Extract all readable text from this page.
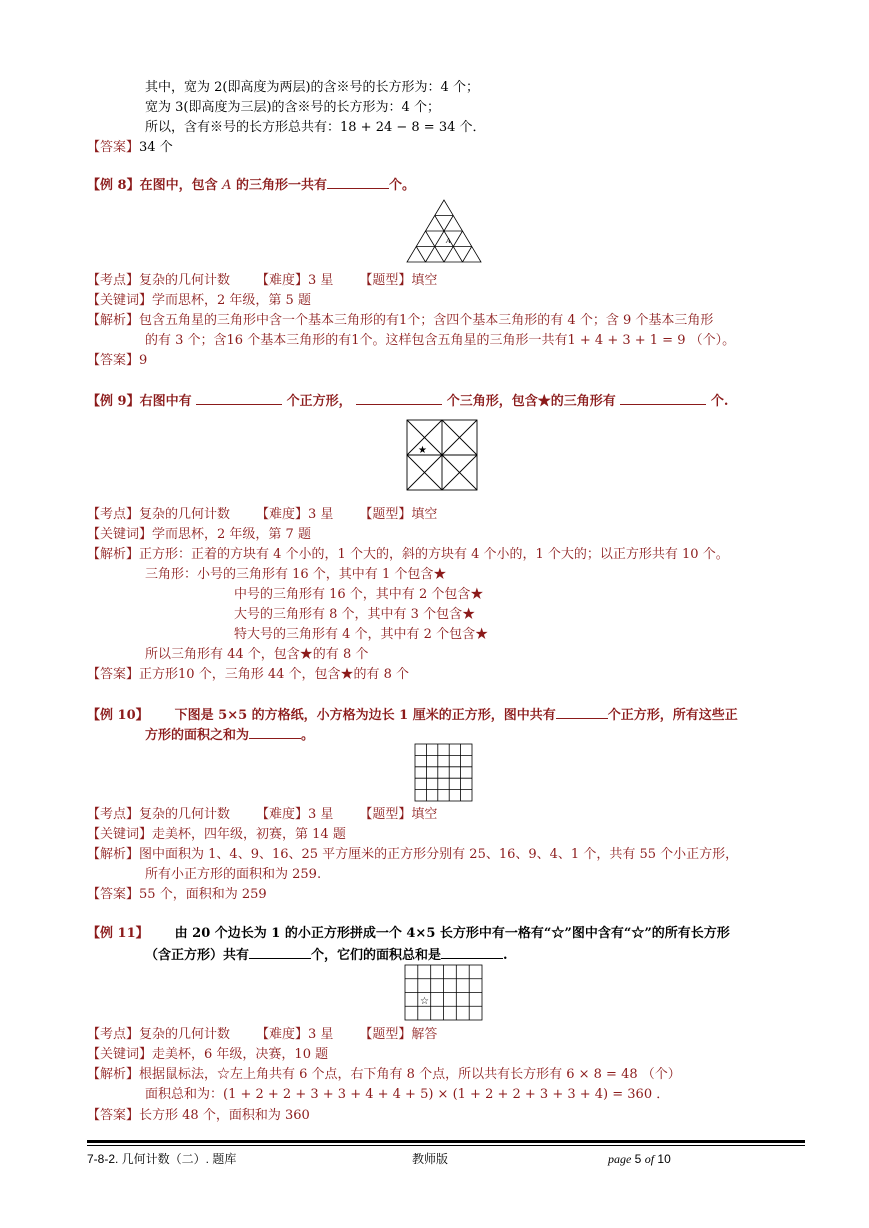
其中，宽为 2(即高度为两层)的含※号的长方形为：4 个；
宽为 3(即高度为三层)的含※号的长方形为：4 个；
所以，含有※号的长方形总共有：18 + 24 − 8 = 34 个．
【答案】34 个
【例 8】在图中，包含 A 的三角形一共有	个。
A
【考点】复杂的几何计数 【难度】3 星 【题型】填空
【关键词】学而思杯，2 年级，第 5 题
【解析】包含五角星的三角形中含一个基本三角形的有1个；含四个基本三角形的有 4 个；含 9 个基本三角形
的有 3 个；含16 个基本三角形的有1个。这样包含五角星的三角形一共有1 + 4 + 3 + 1 = 9 （个）。
【答案】9
【例 9】右图中有	个正方形，	个三角形，包含★的三角形有	个.
★
【考点】复杂的几何计数 【难度】3 星 【题型】填空
【关键词】学而思杯，2 年级，第 7 题
【解析】正方形：正着的方块有 4 个小的，1 个大的，斜的方块有 4 个小的，1 个大的；以正方形共有 10 个。
三角形：小号的三角形有 16 个，其中有 1 个包含★
中号的三角形有 16 个，其中有 2 个包含★
大号的三角形有 8 个，其中有 3 个包含★
特大号的三角形有 4 个，其中有 2 个包含★
所以三角形有 44 个，包含★的有 8 个
【答案】正方形10 个，三角形 44 个，包含★的有 8 个
【例 10】 下图是 5×5 的方格纸，小方格为边长 1 厘米的正方形，图中共有	个正方形，所有这些正
方形的面积之和为	。
【考点】复杂的几何计数 【难度】3 星 【题型】填空
【关键词】走美杯，四年级，初赛，第 14 题
【解析】图中面积为 1、4、9、16、25 平方厘米的正方形分别有 25、16、9、4、1 个，共有 55 个小正方形，
所有小正方形的面积和为 259.
【答案】55 个，面积和为 259
【例 11】 由 20 个边长为 1 的小正方形拼成一个 4×5 长方形中有一格有“☆”图中含有“☆”的所有长方形
（含正方形）共有	个，它们的面积总和是	.
☆
【考点】复杂的几何计数 【难度】3 星 【题型】解答
【关键词】走美杯，6 年级，决赛，10 题
【解析】根据鼠标法，☆左上角共有 6 个点，右下角有 8 个点，所以共有长方形有 6 × 8 = 48 （个）
面积总和为：(1 + 2 + 2 + 3 + 3 + 4 + 4 + 5) × (1 + 2 + 2 + 3 + 3 + 4) = 360 ．
【答案】长方形 48 个，面积和为 360
7-8-2. 几何计数（二）. 题库	教师版	page 5 of 10
